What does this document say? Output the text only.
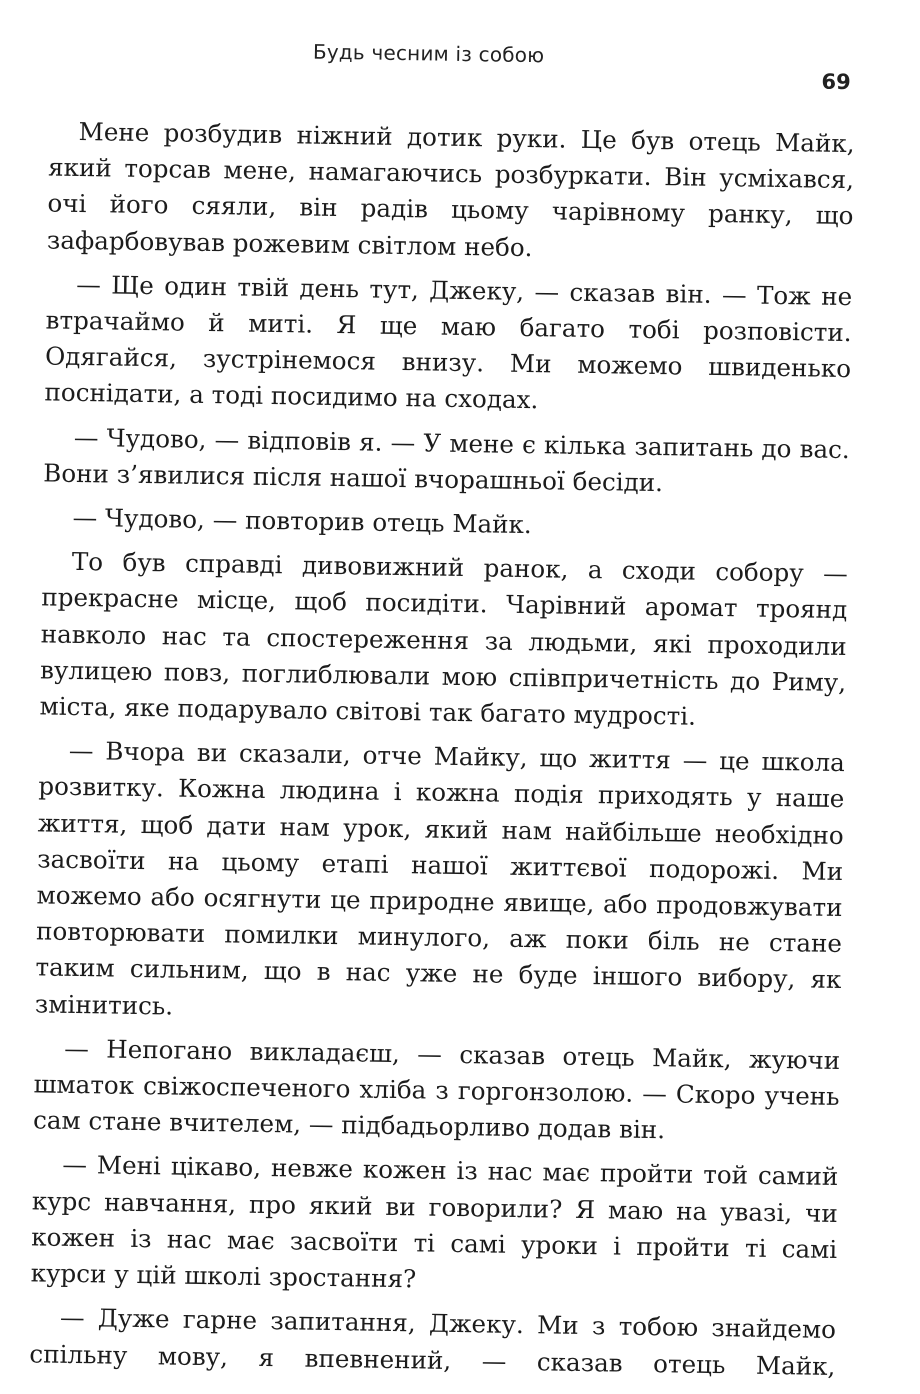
Будь чесним із собою
69

Мене розбудив ніжний дотик руки. Це був отець Майк, який торсав мене, намагаючись розбуркати. Він усміхався, очі його сяяли, він радів цьому чарівному ранку, що зафарбовував рожевим світлом небо.

— Ще один твій день тут, Джеку, — сказав він. — Тож не втрачаймо й миті. Я ще маю багато тобі розповісти. Одягайся, зустрінемося внизу. Ми можемо швиденько поснідати, а тоді посидимо на сходах.

— Чудово, — відповів я. — У мене є кілька запитань до вас. Вони з’явилися після нашої вчорашньої бесіди.

— Чудово, — повторив отець Майк.

То був справді дивовижний ранок, а сходи собору — прекрасне місце, щоб посидіти. Чарівний аромат троянд навколо нас та спостереження за людьми, які проходили вулицею повз, поглиблювали мою співпричетність до Риму, міста, яке подарувало світові так багато мудрості.

— Вчора ви сказали, отче Майку, що життя — це школа розвитку. Кожна людина і кожна подія приходять у наше життя, щоб дати нам урок, який нам найбільше необхідно засвоїти на цьому етапі нашої життєвої подорожі. Ми можемо або осягнути це природне явище, або продовжувати повторювати помилки минулого, аж поки біль не стане таким сильним, що в нас уже не буде іншого вибору, як змінитись.

— Непогано викладаєш, — сказав отець Майк, жуючи шматок свіжоспеченого хліба з горгонзолою. — Скоро учень сам стане вчителем, — підбадьорливо додав він.

— Мені цікаво, невже кожен із нас має пройти той самий курс навчання, про який ви говорили? Я маю на увазі, чи кожен із нас має засвоїти ті самі уроки і пройти ті самі курси у цій школі зростання?

— Дуже гарне запитання, Джеку. Ми з тобою знайдемо спільну мову, я впевнений, — сказав отець Майк,
